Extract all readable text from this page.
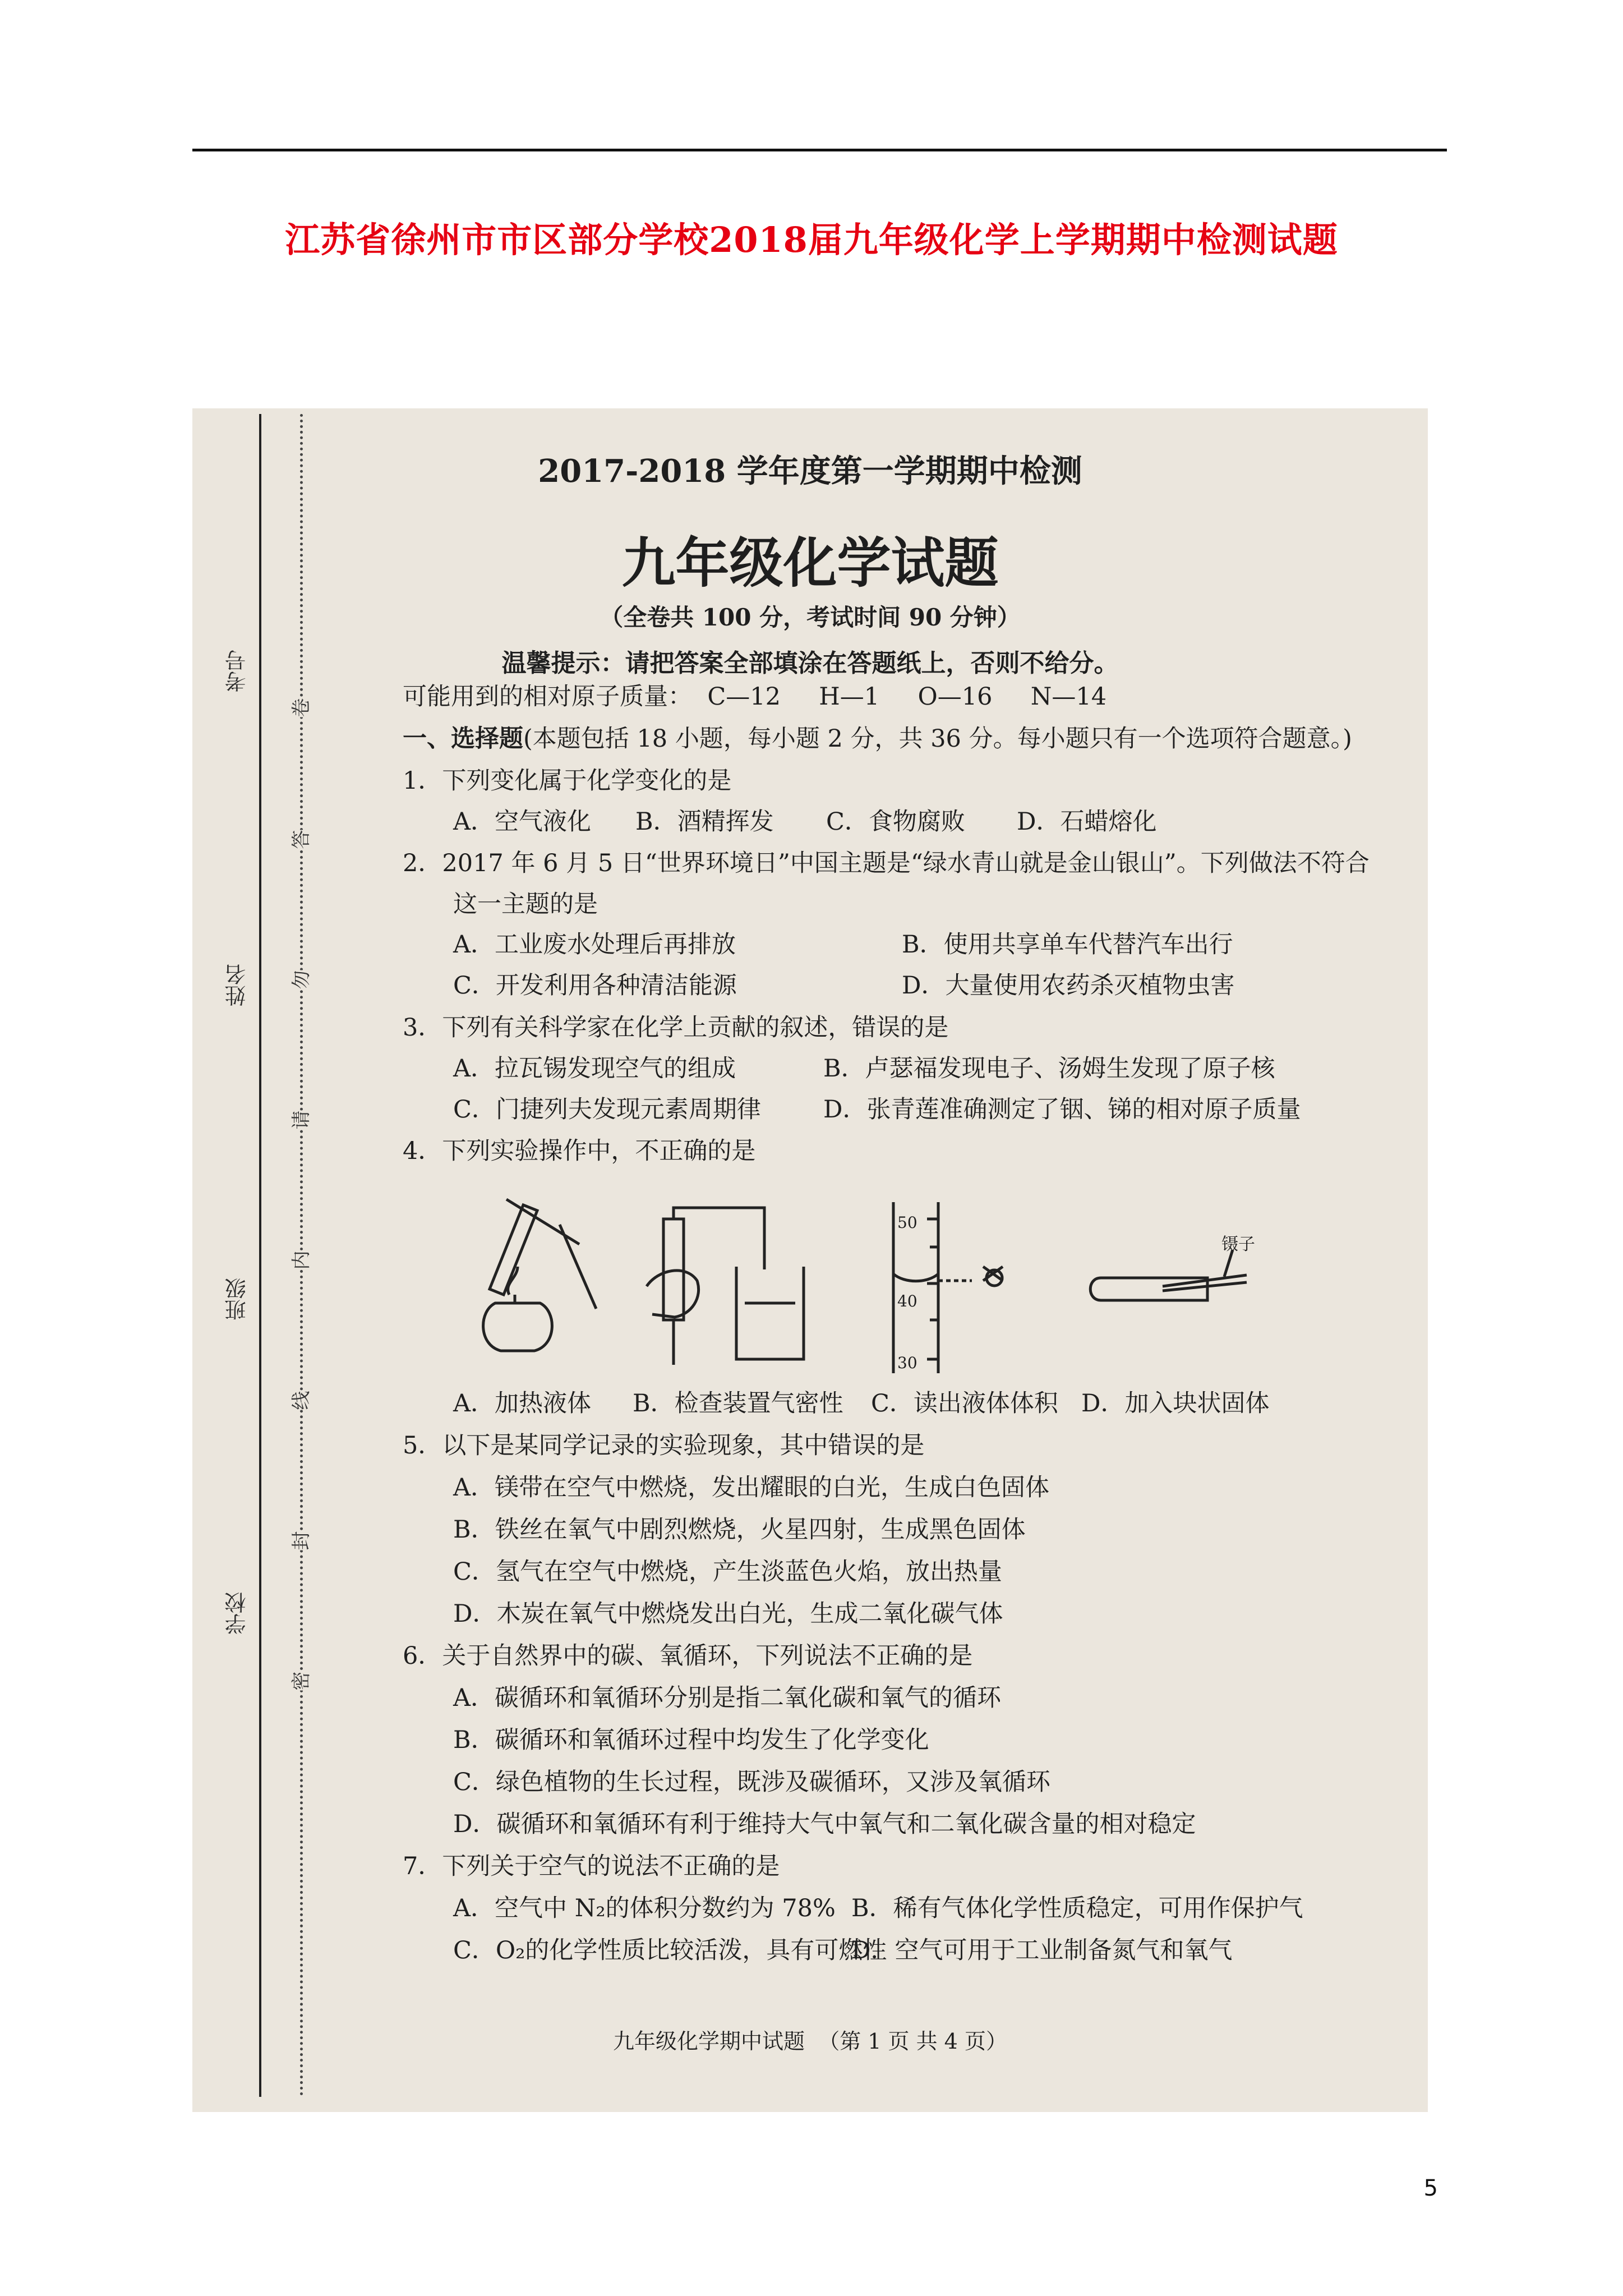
江苏省徐州市市区部分学校2018届九年级化学上学期期中检测试题
考号
姓名
班级
学校
卷
答
勿
请
内
线
封
密
2017-2018 学年度第一学期期中检测
九年级化学试题
（全卷共 100 分，考试时间 90 分钟）
温馨提示：请把答案全部填涂在答题纸上，否则不给分。
可能用到的相对原子质量：  C—12     H—1     O—16     N—14
一、选择题(本题包括 18 小题，每小题 2 分，共 36 分。每小题只有一个选项符合题意。)
1．下列变化属于化学变化的是
A．空气液化 B．酒精挥发 C．食物腐败 D．石蜡熔化
2．2017 年 6 月 5 日“世界环境日”中国主题是“绿水青山就是金山银山”。下列做法不符合
这一主题的是
A．工业废水处理后再排放	B．使用共享单车代替汽车出行
C．开发利用各种清洁能源	D．大量使用农药杀灭植物虫害
3．下列有关科学家在化学上贡献的叙述，错误的是
A．拉瓦锡发现空气的组成	B．卢瑟福发现电子、汤姆生发现了原子核
C．门捷列夫发现元素周期律	D．张青莲准确测定了铟、锑的相对原子质量
4．下列实验操作中，不正确的是
50
40
30
镊子
A．加热液体 B．检查装置气密性 C．读出液体体积 D．加入块状固体
5．以下是某同学记录的实验现象，其中错误的是
A．镁带在空气中燃烧，发出耀眼的白光，生成白色固体
B．铁丝在氧气中剧烈燃烧，火星四射，生成黑色固体
C．氢气在空气中燃烧，产生淡蓝色火焰，放出热量
D．木炭在氧气中燃烧发出白光，生成二氧化碳气体
6．关于自然界中的碳、氧循环，下列说法不正确的是
A．碳循环和氧循环分别是指二氧化碳和氧气的循环
B．碳循环和氧循环过程中均发生了化学变化
C．绿色植物的生长过程，既涉及碳循环，又涉及氧循环
D．碳循环和氧循环有利于维持大气中氧气和二氧化碳含量的相对稳定
7．下列关于空气的说法不正确的是
A．空气中 N₂的体积分数约为 78% B．稀有气体化学性质稳定，可用作保护气
C．O₂的化学性质比较活泼，具有可燃性
D．空气可用于工业制备氮气和氧气
九年级化学期中试题  （第 1 页 共 4 页）
5
